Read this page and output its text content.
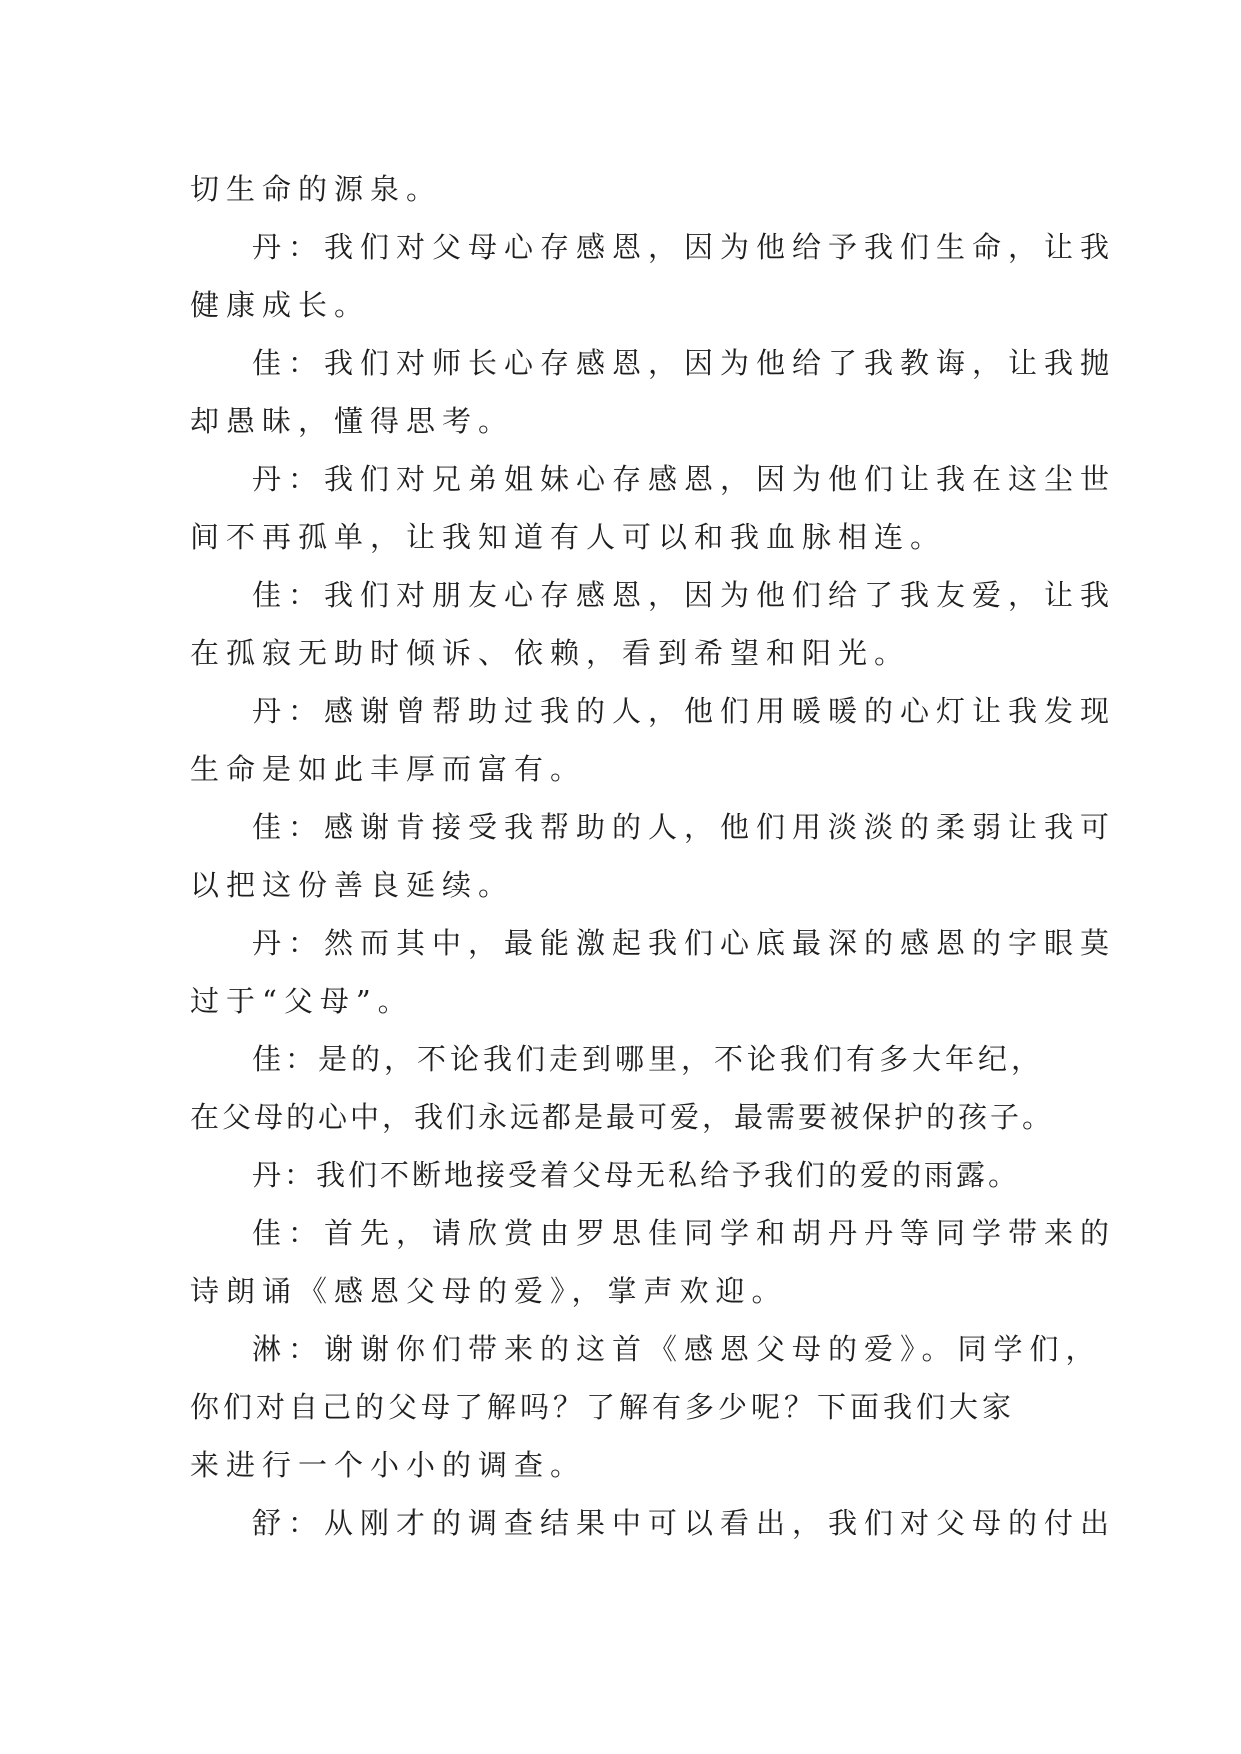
切生命的源泉。
丹：我们对父母心存感恩，因为他给予我们生命，让我
健康成长。
佳：我们对师长心存感恩，因为他给了我教诲，让我抛
却愚昧，懂得思考。
丹：我们对兄弟姐妹心存感恩，因为他们让我在这尘世
间不再孤单，让我知道有人可以和我血脉相连。
佳：我们对朋友心存感恩，因为他们给了我友爱，让我
在孤寂无助时倾诉、依赖，看到希望和阳光。
丹：感谢曾帮助过我的人，他们用暖暖的心灯让我发现
生命是如此丰厚而富有。
佳：感谢肯接受我帮助的人，他们用淡淡的柔弱让我可
以把这份善良延续。
丹：然而其中，最能激起我们心底最深的感恩的字眼莫
过于“父母”。
佳：是的，不论我们走到哪里，不论我们有多大年纪，
在父母的心中，我们永远都是最可爱，最需要被保护的孩子。
丹：我们不断地接受着父母无私给予我们的爱的雨露。
佳：首先，请欣赏由罗思佳同学和胡丹丹等同学带来的
诗朗诵《感恩父母的爱》，掌声欢迎。
淋：谢谢你们带来的这首《感恩父母的爱》。同学们，
你们对自己的父母了解吗？了解有多少呢？下面我们大家
来进行一个小小的调查。
舒：从刚才的调查结果中可以看出，我们对父母的付出
